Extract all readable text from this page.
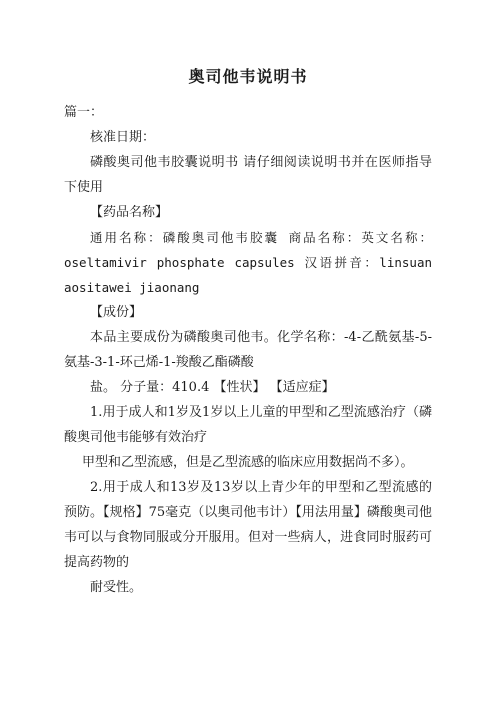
奥司他韦说明书

篇一：

核准日期：

磷酸奥司他韦胶囊说明书 请仔细阅读说明书并在医师指导下使用

【药品名称】

通用名称：磷酸奥司他韦胶囊 商品名称：英文名称：oseltamivir phosphate capsules 汉语拼音：linsuan aositawei jiaonang

【成份】

本品主要成份为磷酸奥司他韦。化学名称：-4-乙酰氨基-5-氨基-3-1-环己烯-1-羧酸乙酯磷酸

盐。 分子量：410.4 【性状】 【适应症】

1.用于成人和1岁及1岁以上儿童的甲型和乙型流感治疗（磷酸奥司他韦能够有效治疗

甲型和乙型流感，但是乙型流感的临床应用数据尚不多）。

2.用于成人和13岁及13岁以上青少年的甲型和乙型流感的预防。【规格】75毫克（以奥司他韦计）【用法用量】磷酸奥司他韦可以与食物同服或分开服用。但对一些病人，进食同时服药可提高药物的

耐受性。
